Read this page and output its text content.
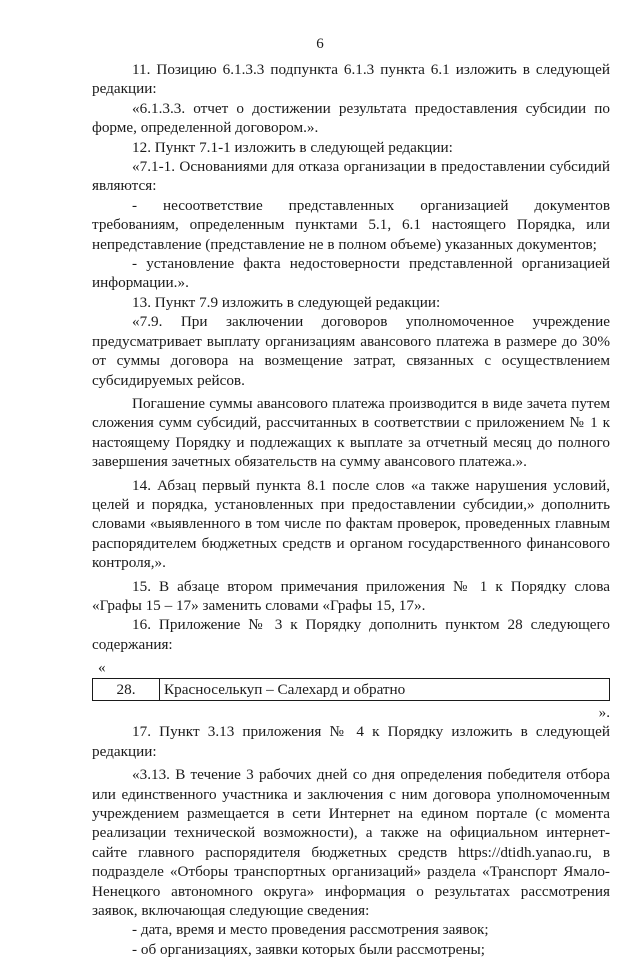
6

11. Позицию 6.1.3.3 подпункта 6.1.3 пункта 6.1 изложить в следующей редакции:

«6.1.3.3. отчет о достижении результата предоставления субсидии по форме, определенной договором.».

12. Пункт 7.1-1 изложить в следующей редакции:

«7.1-1. Основаниями для отказа организации в предоставлении субсидий являются:

- несоответствие представленных организацией документов требованиям, определенным пунктами 5.1, 6.1 настоящего Порядка, или непредставление (представление не в полном объеме) указанных документов;

- установление факта недостоверности представленной организацией информации.».

13. Пункт 7.9 изложить в следующей редакции:

«7.9. При заключении договоров уполномоченное учреждение предусматривает выплату организациям авансового платежа в размере до 30% от суммы договора на возмещение затрат, связанных с осуществлением субсидируемых рейсов.

Погашение суммы авансового платежа производится в виде зачета путем сложения сумм субсидий, рассчитанных в соответствии с приложением № 1 к настоящему Порядку и подлежащих к выплате за отчетный месяц до полного завершения зачетных обязательств на сумму авансового платежа.».

14. Абзац первый пункта 8.1 после слов «а также нарушения условий, целей и порядка, установленных при предоставлении субсидии,» дополнить словами «выявленного в том числе по фактам проверок, проведенных главным распорядителем бюджетных средств и органом государственного финансового контроля,».

15. В абзаце втором примечания приложения № 1 к Порядку слова «Графы 15 – 17» заменить словами «Графы 15, 17».

16. Приложение № 3 к Порядку дополнить пунктом 28 следующего содержания:

«
28.	Красноселькуп – Салехард и обратно
».

17. Пункт 3.13 приложения № 4 к Порядку изложить в следующей редакции:

«3.13. В течение 3 рабочих дней со дня определения победителя отбора или единственного участника и заключения с ним договора уполномоченным учреждением размещается в сети Интернет на едином портале (с момента реализации технической возможности), а также на официальном интернет-сайте главного распорядителя бюджетных средств https://dtidh.yanao.ru, в подразделе «Отборы транспортных организаций» раздела «Транспорт Ямало-Ненецкого автономного округа» информация о результатах рассмотрения заявок, включающая следующие сведения:

- дата, время и место проведения рассмотрения заявок;

- об организациях, заявки которых были рассмотрены;
